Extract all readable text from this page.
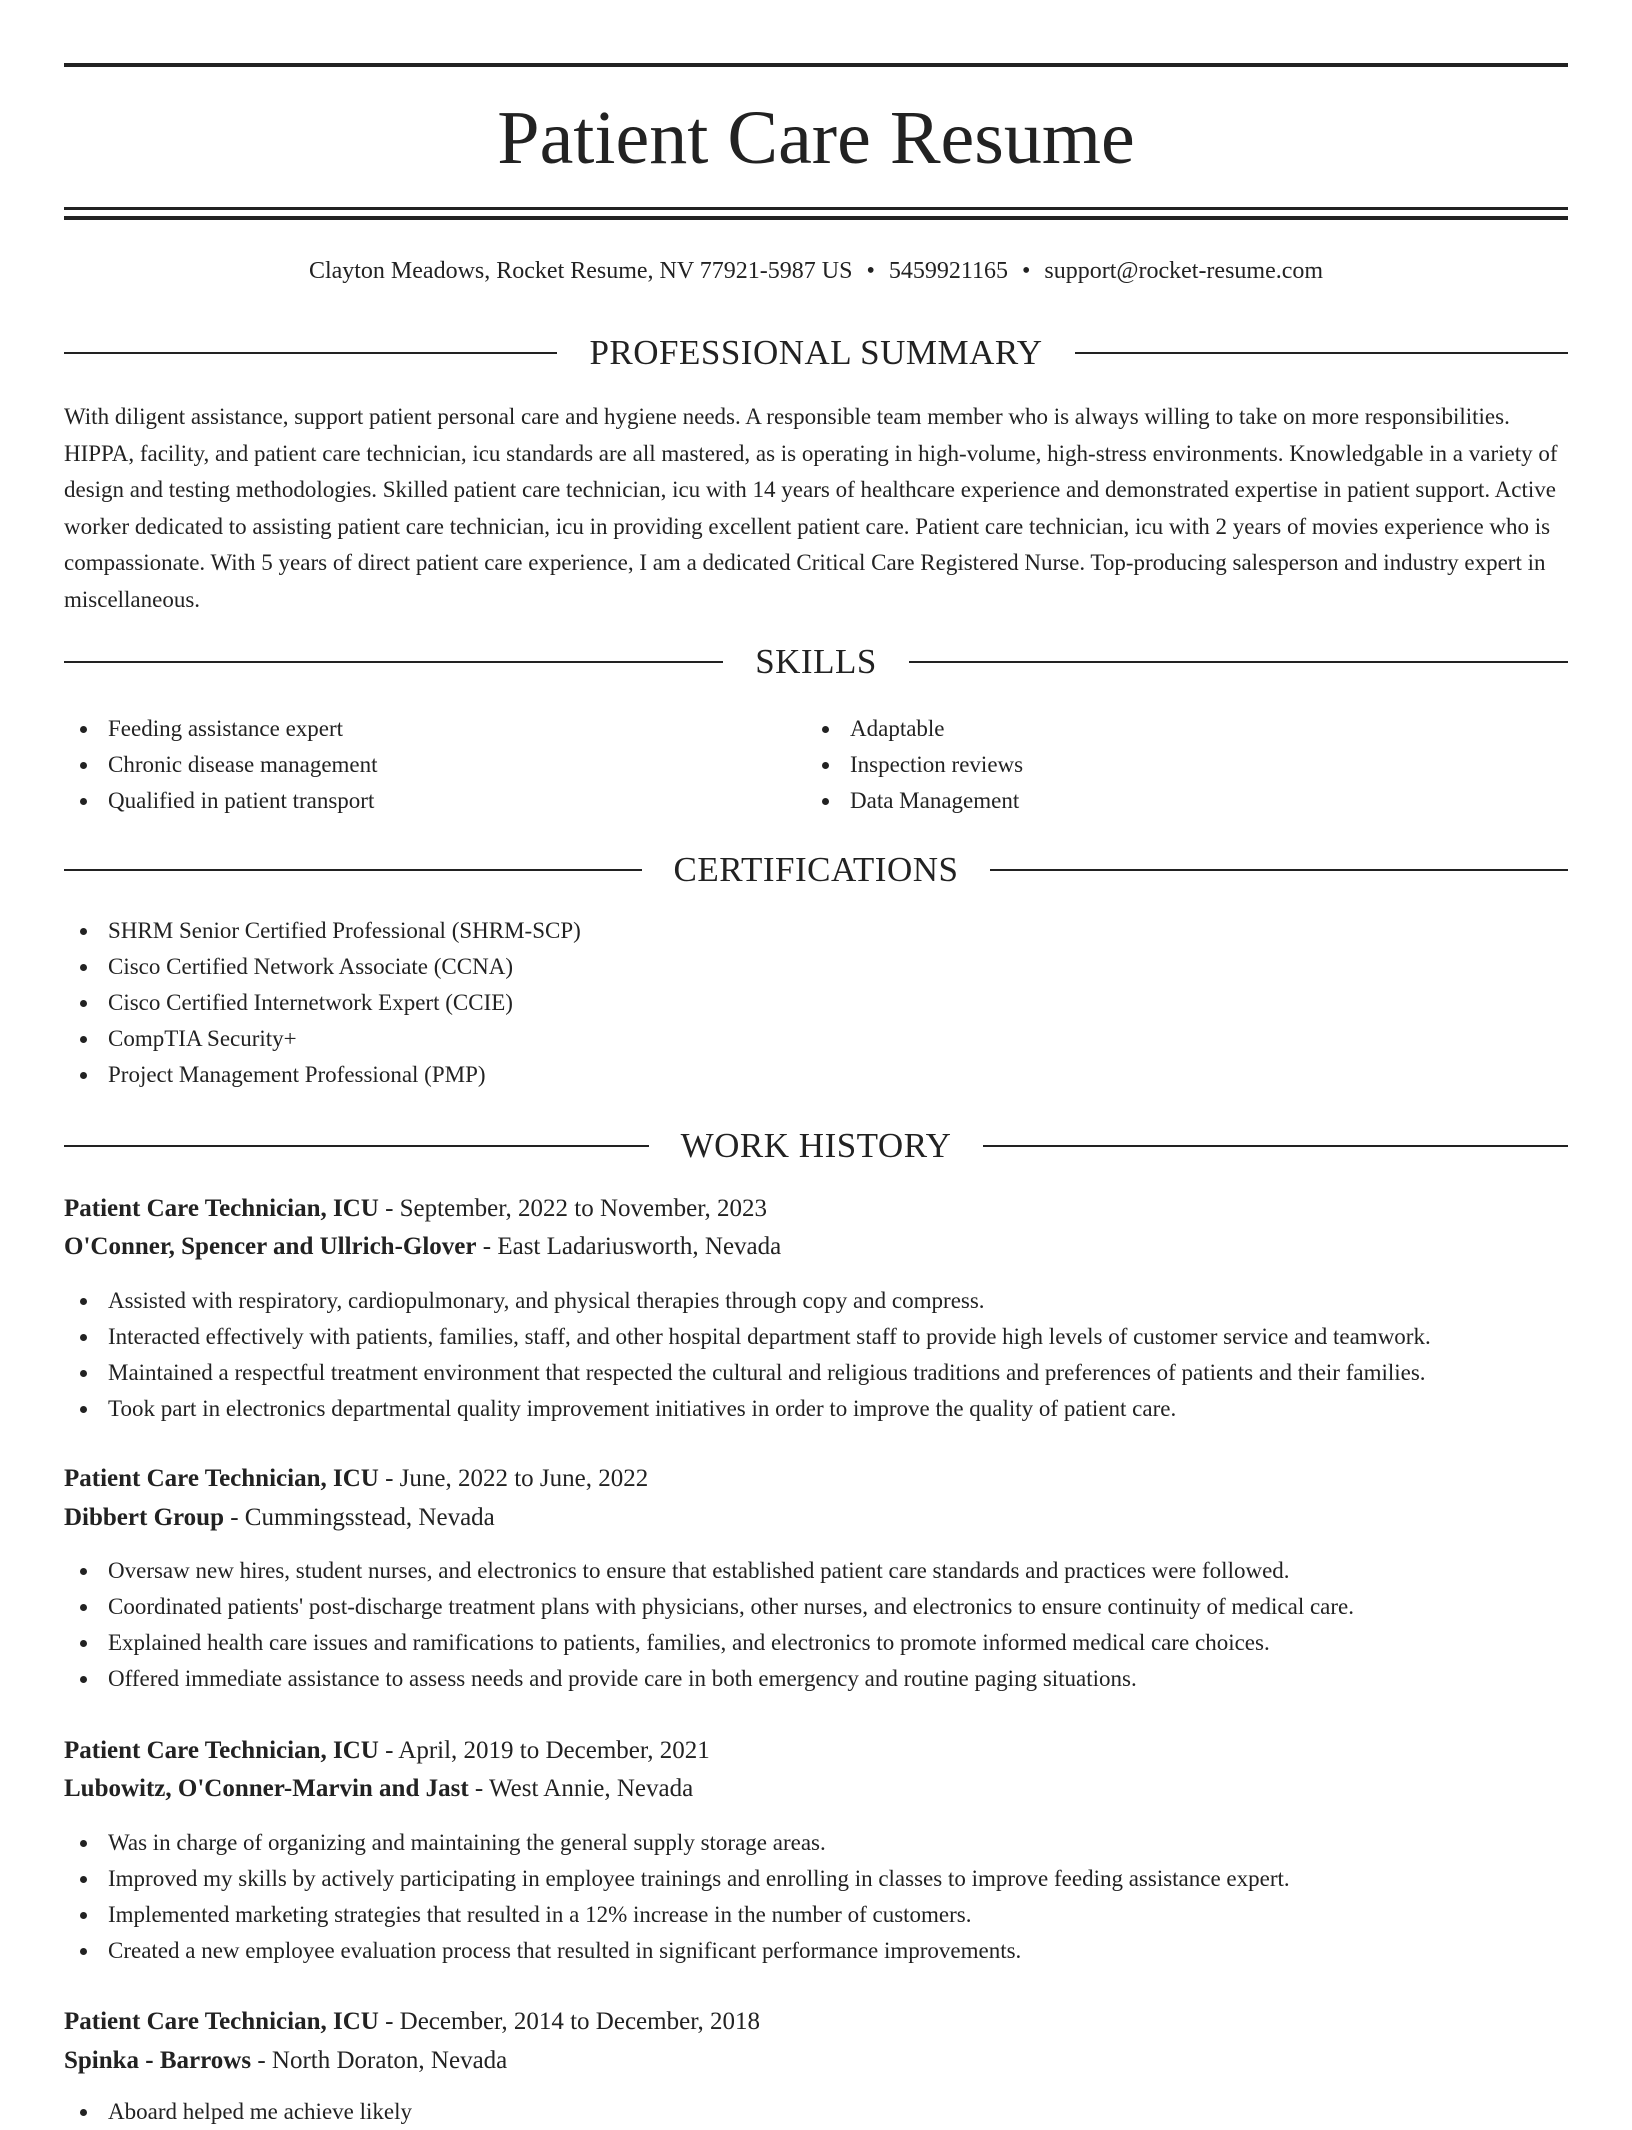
Patient Care Resume
Clayton Meadows, Rocket Resume, NV 77921-5987 US • 5459921165 • support@rocket-resume.com
PROFESSIONAL SUMMARY

With diligent assistance, support patient personal care and hygiene needs. A responsible team member who is always willing to take on more responsibilities. HIPPA, facility, and patient care technician, icu standards are all mastered, as is operating in high-volume, high-stress environments. Knowledgable in a variety of design and testing methodologies. Skilled patient care technician, icu with 14 years of healthcare experience and demonstrated expertise in patient support. Active worker dedicated to assisting patient care technician, icu in providing excellent patient care. Patient care technician, icu with 2 years of movies experience who is compassionate. With 5 years of direct patient care experience, I am a dedicated Critical Care Registered Nurse. Top-producing salesperson and industry expert in miscellaneous.

SKILLS
Feeding assistance expert
Chronic disease management
Qualified in patient transport
Adaptable
Inspection reviews
Data Management
CERTIFICATIONS
SHRM Senior Certified Professional (SHRM-SCP)
Cisco Certified Network Associate (CCNA)
Cisco Certified Internetwork Expert (CCIE)
CompTIA Security+
Project Management Professional (PMP)
WORK HISTORY
Patient Care Technician, ICU - September, 2022 to November, 2023
O'Conner, Spencer and Ullrich-Glover - East Ladariusworth, Nevada
Assisted with respiratory, cardiopulmonary, and physical therapies through copy and compress.
Interacted effectively with patients, families, staff, and other hospital department staff to provide high levels of customer service and teamwork.
Maintained a respectful treatment environment that respected the cultural and religious traditions and preferences of patients and their families.
Took part in electronics departmental quality improvement initiatives in order to improve the quality of patient care.
Patient Care Technician, ICU - June, 2022 to June, 2022
Dibbert Group - Cummingsstead, Nevada
Oversaw new hires, student nurses, and electronics to ensure that established patient care standards and practices were followed.
Coordinated patients' post-discharge treatment plans with physicians, other nurses, and electronics to ensure continuity of medical care.
Explained health care issues and ramifications to patients, families, and electronics to promote informed medical care choices.
Offered immediate assistance to assess needs and provide care in both emergency and routine paging situations.
Patient Care Technician, ICU - April, 2019 to December, 2021
Lubowitz, O'Conner-Marvin and Jast - West Annie, Nevada
Was in charge of organizing and maintaining the general supply storage areas.
Improved my skills by actively participating in employee trainings and enrolling in classes to improve feeding assistance expert.
Implemented marketing strategies that resulted in a 12% increase in the number of customers.
Created a new employee evaluation process that resulted in significant performance improvements.
Patient Care Technician, ICU - December, 2014 to December, 2018
Spinka - Barrows - North Doraton, Nevada
Aboard helped me achieve likely
